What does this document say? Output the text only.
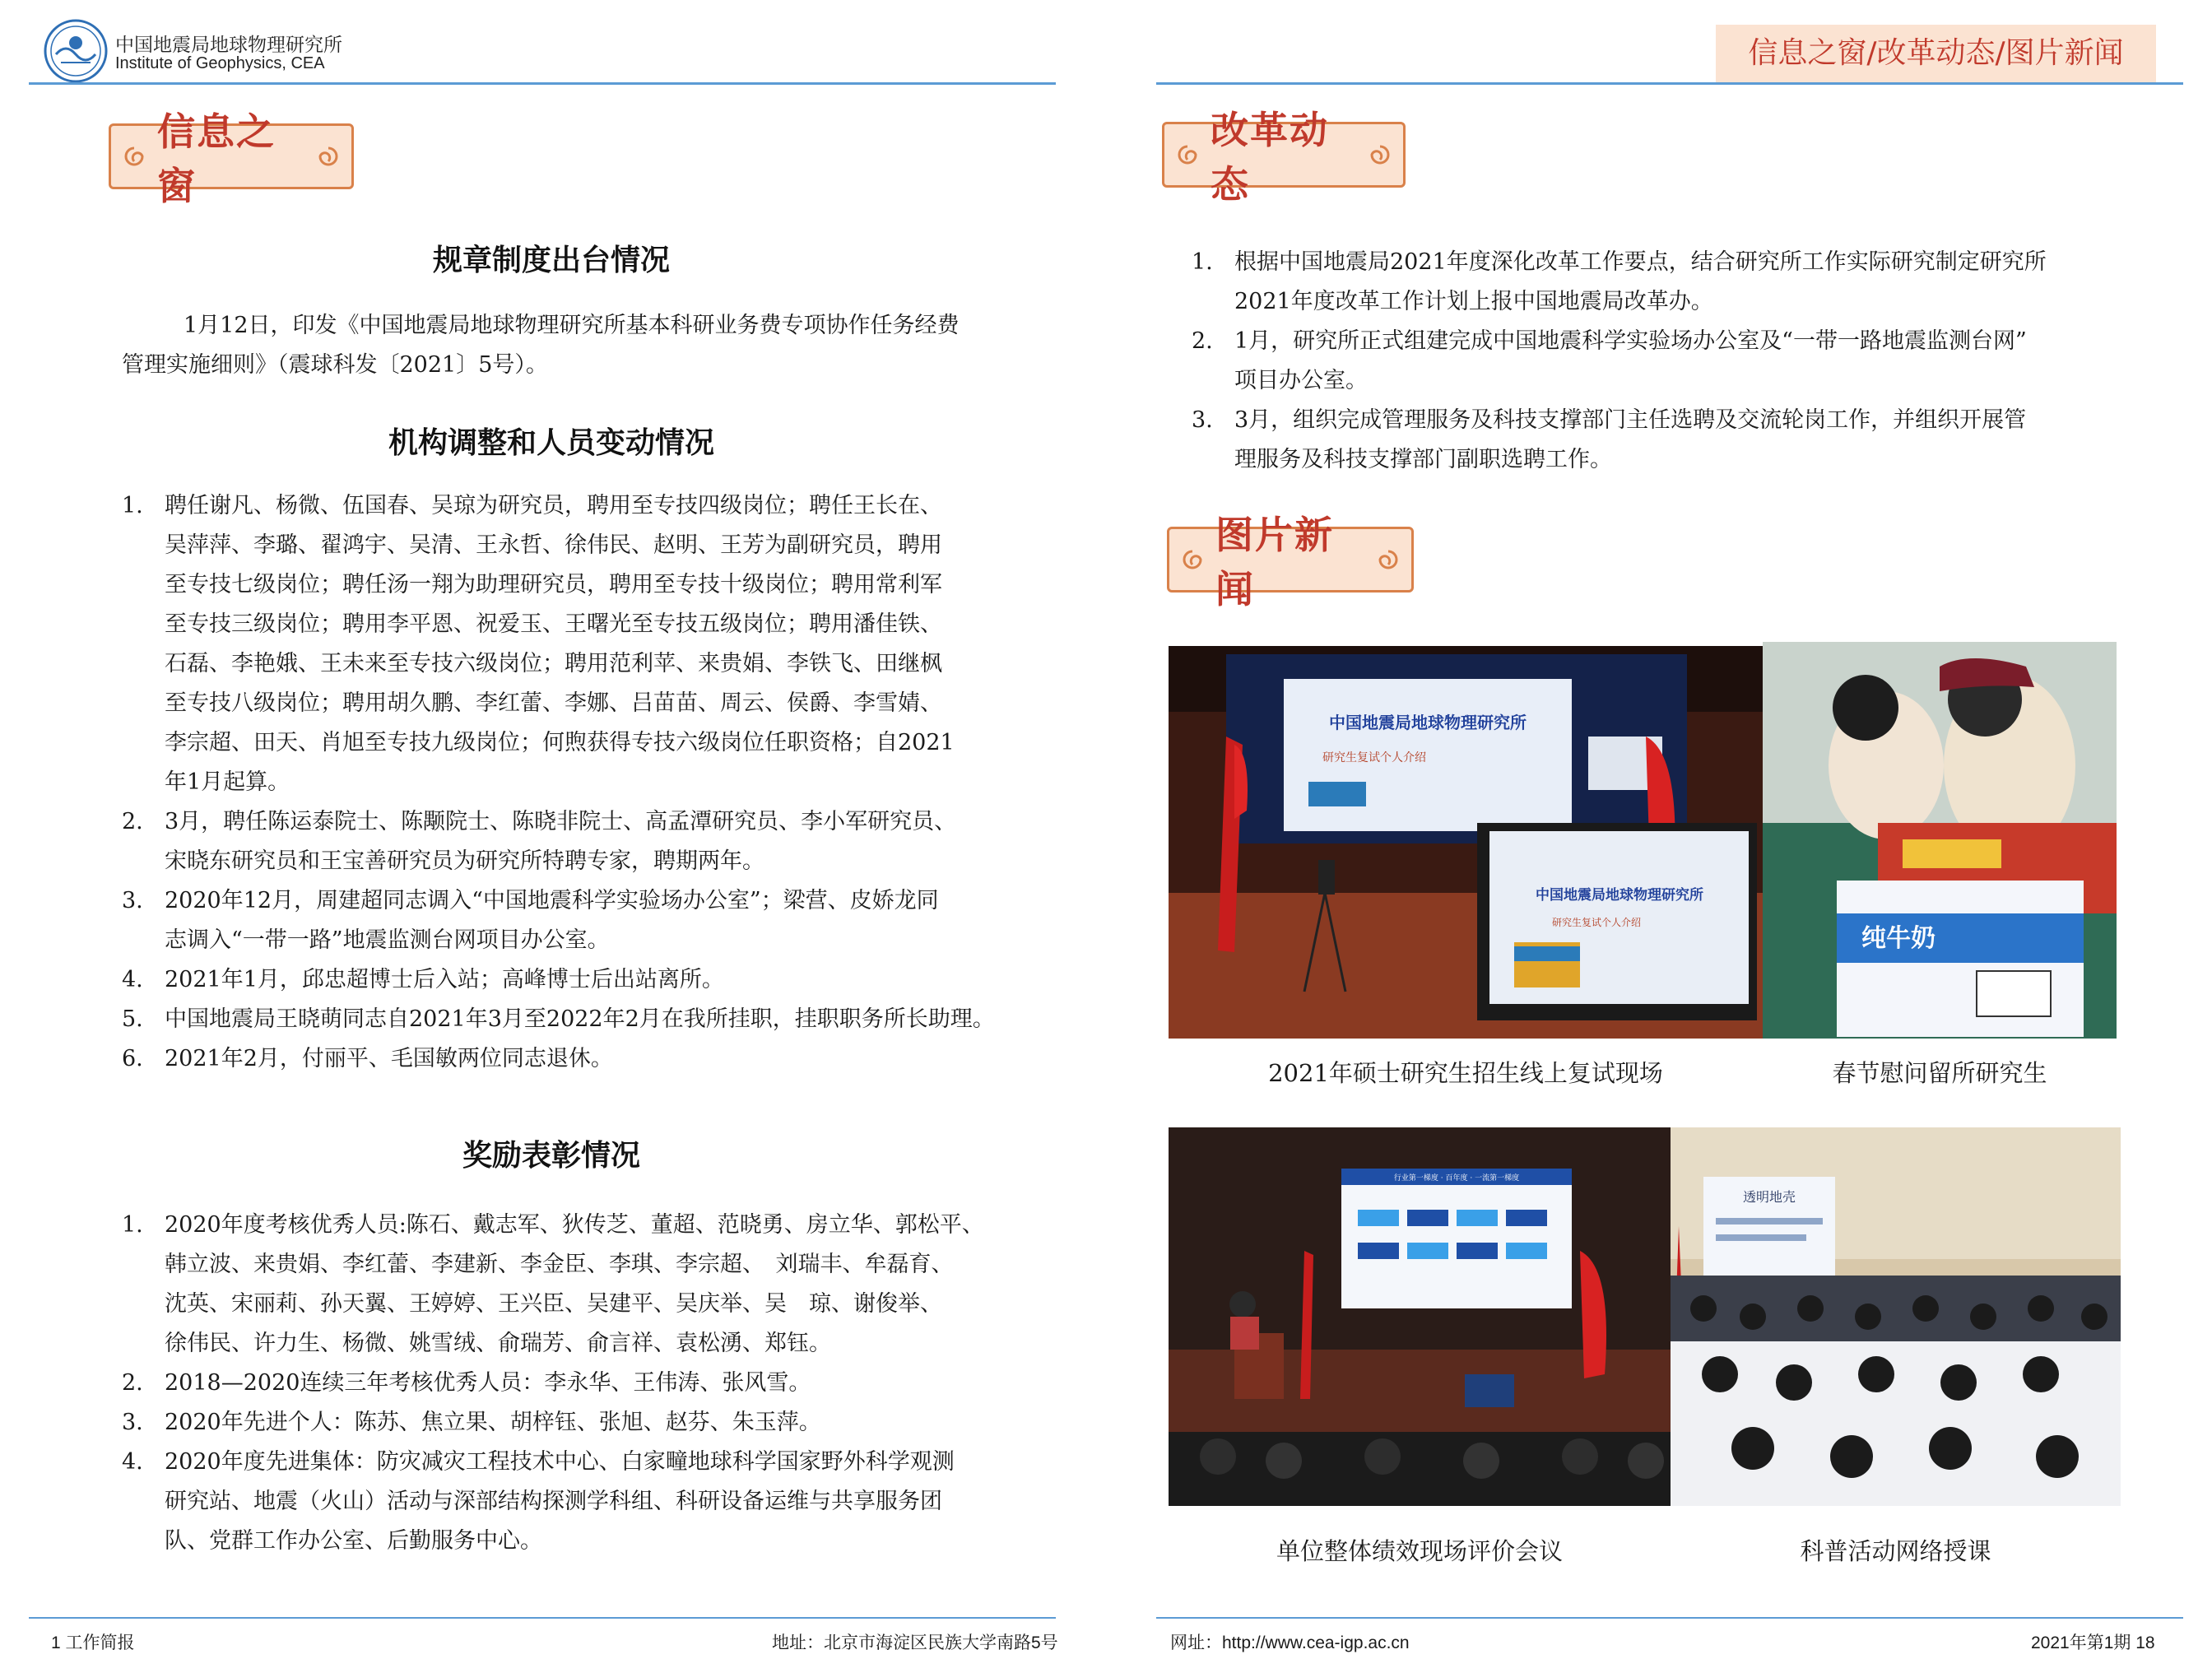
中国地震局地球物理研究所
Institute of Geophysics, CEA	信息之窗/改革动态/图片新闻
信息之窗
规章制度出台情况
1月12日，印发《中国地震局地球物理研究所基本科研业务费专项协作任务经费
管理实施细则》（震球科发〔2021〕5号）。
机构调整和人员变动情况
1. 聘任谢凡、杨微、伍国春、吴琼为研究员，聘用至专技四级岗位；聘任王长在、
吴萍萍、李璐、翟鸿宇、吴清、王永哲、徐伟民、赵明、王芳为副研究员，聘用
至专技七级岗位；聘任汤一翔为助理研究员，聘用至专技十级岗位；聘用常利军
至专技三级岗位；聘用李平恩、祝爱玉、王曙光至专技五级岗位；聘用潘佳铁、
石磊、李艳娥、王未来至专技六级岗位；聘用范利苹、来贵娟、李铁飞、田继枫
至专技八级岗位；聘用胡久鹏、李红蕾、李娜、吕苗苗、周云、侯爵、李雪婧、
李宗超、田天、肖旭至专技九级岗位；何煦获得专技六级岗位任职资格；自2021
年1月起算。
2. 3月，聘任陈运泰院士、陈颙院士、陈晓非院士、高孟潭研究员、李小军研究员、
宋晓东研究员和王宝善研究员为研究所特聘专家，聘期两年。
3. 2020年12月，周建超同志调入“中国地震科学实验场办公室”；梁营、皮娇龙同
志调入“一带一路”地震监测台网项目办公室。
4. 2021年1月，邱忠超博士后入站；高峰博士后出站离所。
5. 中国地震局王晓萌同志自2021年3月至2022年2月在我所挂职，挂职职务所长助理。
6. 2021年2月，付丽平、毛国敏两位同志退休。
奖励表彰情况
1. 2020年度考核优秀人员:陈石、戴志军、狄传芝、董超、范晓勇、房立华、郭松平、
韩立波、来贵娟、李红蕾、李建新、李金臣、李琪、李宗超、　刘瑞丰、牟磊育、
沈英、宋丽莉、孙天翼、王婷婷、王兴臣、吴建平、吴庆举、吴　琼、谢俊举、
徐伟民、许力生、杨微、姚雪绒、俞瑞芳、俞言祥、袁松湧、郑钰。
2. 2018—2020连续三年考核优秀人员：李永华、王伟涛、张风雪。
3. 2020年先进个人：陈苏、焦立果、胡梓钰、张旭、赵芬、朱玉萍。
4. 2020年度先进集体：防灾减灾工程技术中心、白家疃地球科学国家野外科学观测
研究站、地震（火山）活动与深部结构探测学科组、科研设备运维与共享服务团
队、党群工作办公室、后勤服务中心。
改革动态
1. 根据中国地震局2021年度深化改革工作要点，结合研究所工作实际研究制定研究所
2021年度改革工作计划上报中国地震局改革办。
2. 1月，研究所正式组建完成中国地震科学实验场办公室及“一带一路地震监测台网”
项目办公室。
3. 3月，组织完成管理服务及科技支撑部门主任选聘及交流轮岗工作，并组织开展管
理服务及科技支撑部门副职选聘工作。
图片新闻
中国地震局地球物理研究所
研究生复试个人介绍
中国地震局地球物理研究所
研究生复试个人介绍
纯牛奶
2021年硕士研究生招生线上复试现场	春节慰问留所研究生
行业第一梯度 · 百年度 · 一流第一梯度
透明地壳
单位整体绩效现场评价会议	科普活动网络授课
1 工作简报	地址：北京市海淀区民族大学南路5号	网址：http://www.cea-igp.ac.cn	2021年第1期 18
